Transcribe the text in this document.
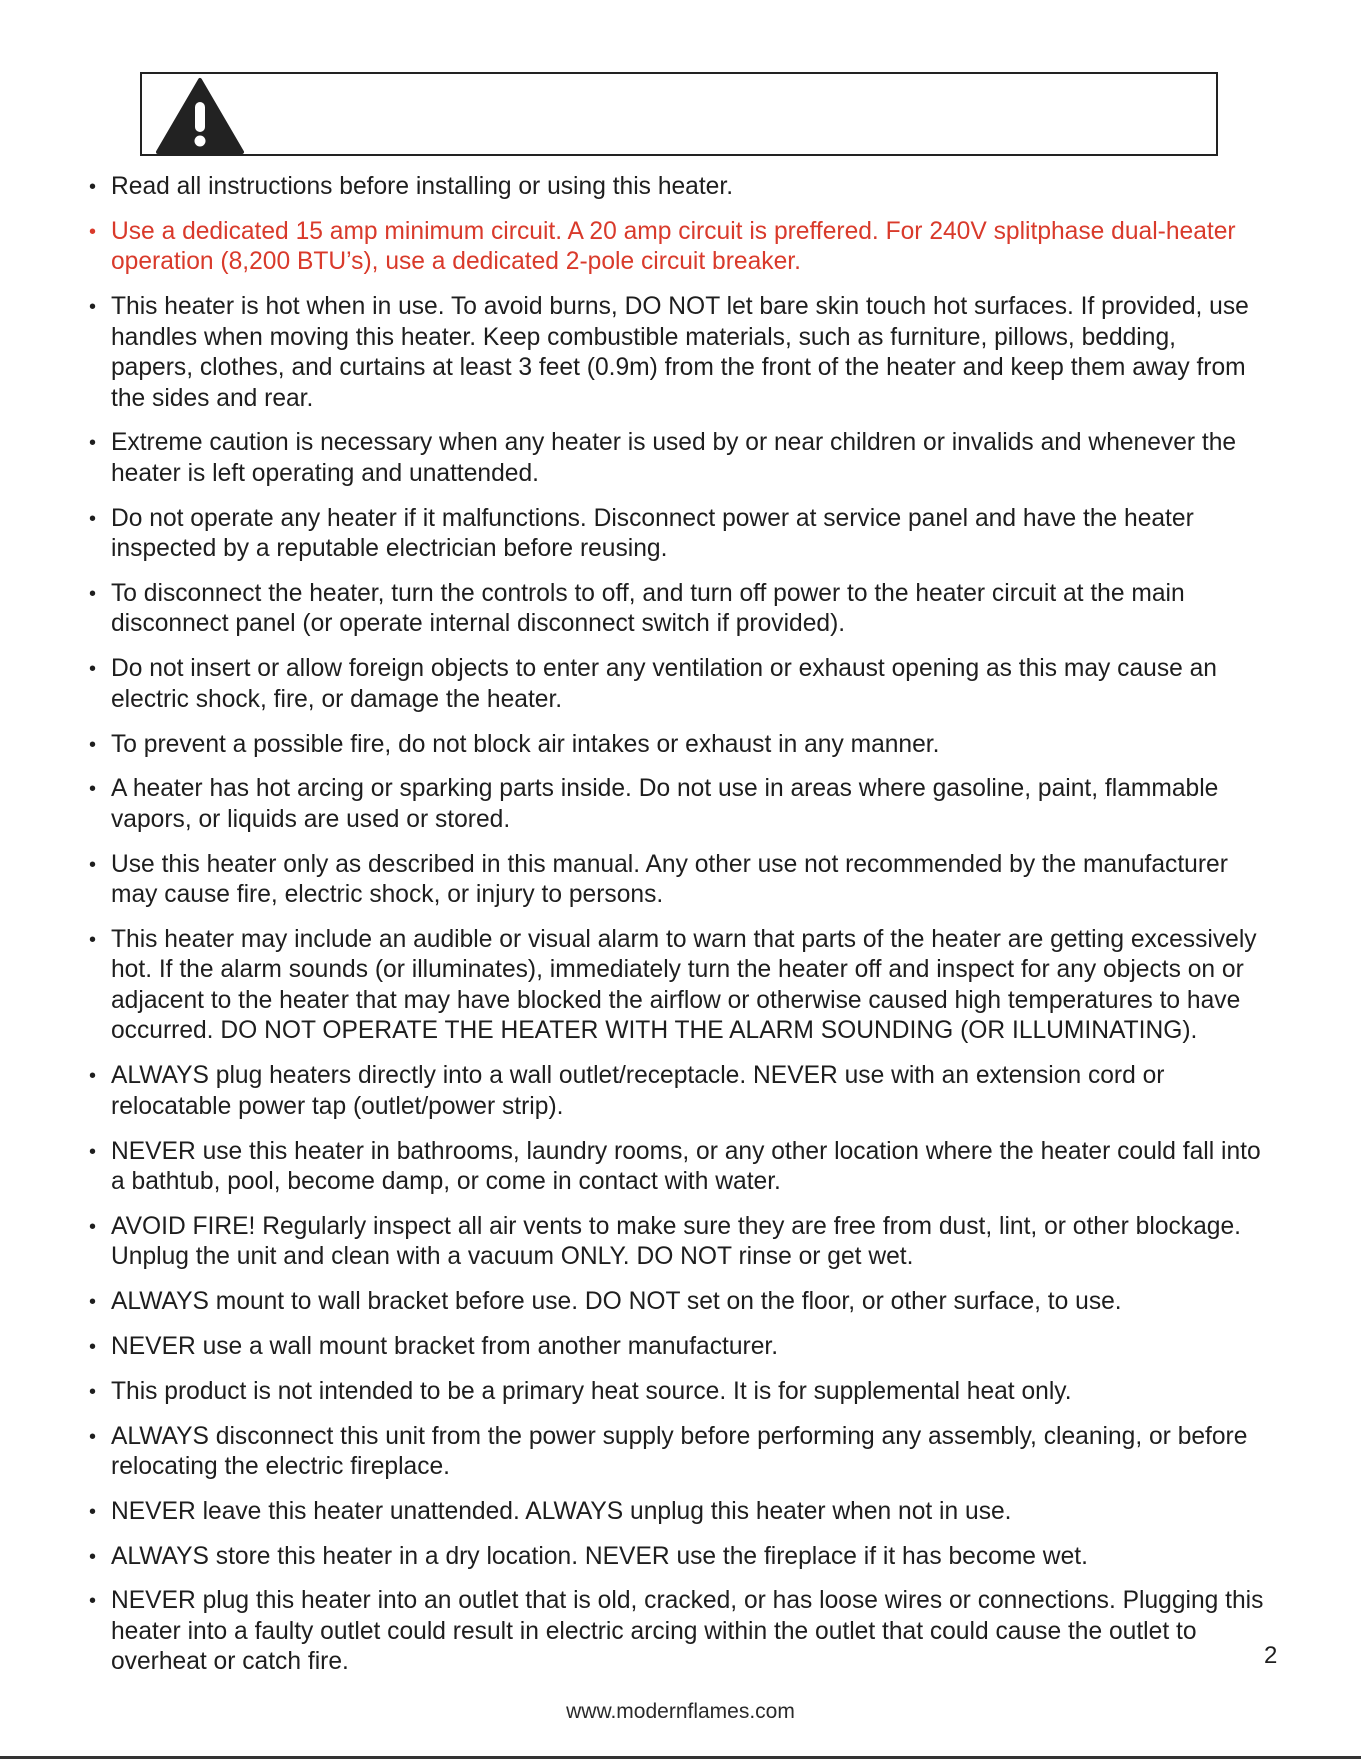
• Read all instructions before installing or using this heater.
• Use a dedicated 15 amp minimum circuit. A 20 amp circuit is preffered. For 240V splitphase dual-heater operation (8,200 BTU’s), use a dedicated 2-pole circuit breaker.
• This heater is hot when in use. To avoid burns, DO NOT let bare skin touch hot surfaces. If provided, use handles when moving this heater. Keep combustible materials, such as furniture, pillows, bedding, papers, clothes, and curtains at least 3 feet (0.9m) from the front of the heater and keep them away from the sides and rear.
• Extreme caution is necessary when any heater is used by or near children or invalids and whenever the heater is left operating and unattended.
• Do not operate any heater if it malfunctions. Disconnect power at service panel and have the heater inspected by a reputable electrician before reusing.
• To disconnect the heater, turn the controls to off, and turn off power to the heater circuit at the main disconnect panel (or operate internal disconnect switch if provided).
• Do not insert or allow foreign objects to enter any ventilation or exhaust opening as this may cause an electric shock, fire, or damage the heater.
• To prevent a possible fire, do not block air intakes or exhaust in any manner.
• A heater has hot arcing or sparking parts inside. Do not use in areas where gasoline, paint, flammable vapors, or liquids are used or stored.
• Use this heater only as described in this manual. Any other use not recommended by the manufacturer may cause fire, electric shock, or injury to persons.
• This heater may include an audible or visual alarm to warn that parts of the heater are getting excessively hot. If the alarm sounds (or illuminates), immediately turn the heater off and inspect for any objects on or adjacent to the heater that may have blocked the airflow or otherwise caused high temperatures to have occurred. DO NOT OPERATE THE HEATER WITH THE ALARM SOUNDING (OR ILLUMINATING).
• ALWAYS plug heaters directly into a wall outlet/receptacle. NEVER use with an extension cord or relocatable power tap (outlet/power strip).
• NEVER use this heater in bathrooms, laundry rooms, or any other location where the heater could fall into a bathtub, pool, become damp, or come in contact with water.
• AVOID FIRE! Regularly inspect all air vents to make sure they are free from dust, lint, or other blockage. Unplug the unit and clean with a vacuum ONLY. DO NOT rinse or get wet.
• ALWAYS mount to wall bracket before use. DO NOT set on the floor, or other surface, to use.
• NEVER use a wall mount bracket from another manufacturer.
• This product is not intended to be a primary heat source. It is for supplemental heat only.
• ALWAYS disconnect this unit from the power supply before performing any assembly, cleaning, or before relocating the electric fireplace.
• NEVER leave this heater unattended. ALWAYS unplug this heater when not in use.
• ALWAYS store this heater in a dry location. NEVER use the fireplace if it has become wet.
• NEVER plug this heater into an outlet that is old, cracked, or has loose wires or connections. Plugging this heater into a faulty outlet could result in electric arcing within the outlet that could cause the outlet to overheat or catch fire.	2
www.modernflames.com
